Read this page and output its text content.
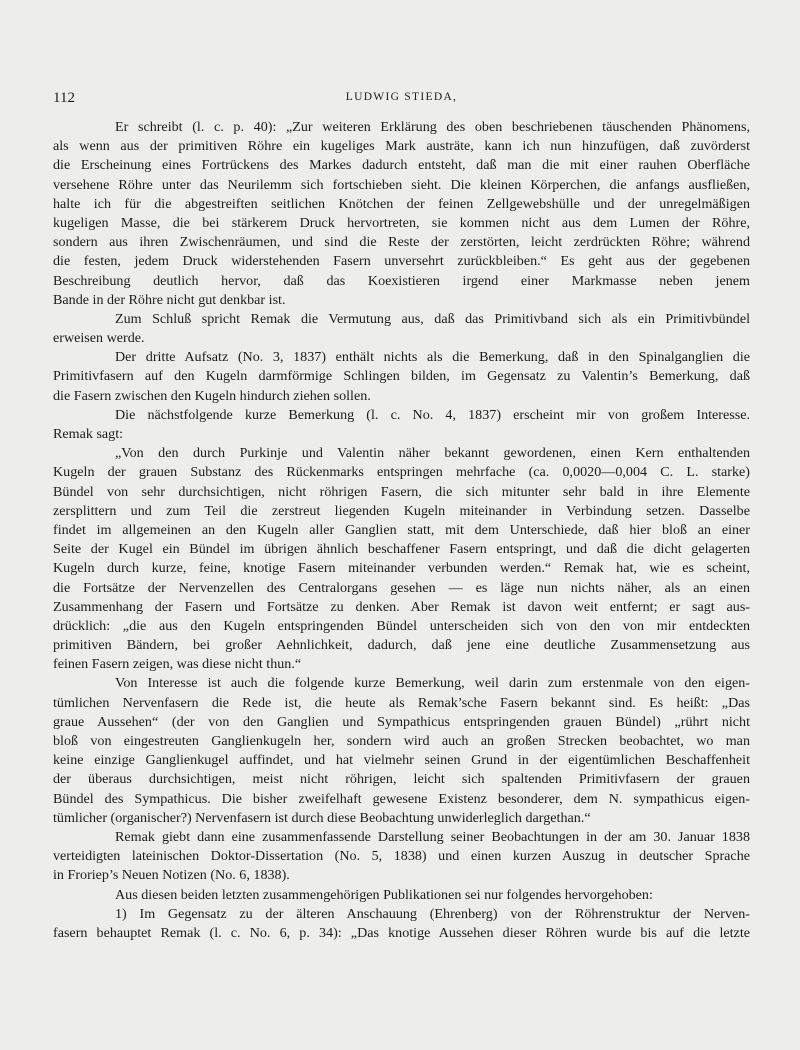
112	LUDWIG STIEDA,
Er schreibt (l. c. p. 40): „Zur weiteren Erklärung des oben beschriebenen täuschenden Phänomens,
als wenn aus der primitiven Röhre ein kugeliges Mark austräte, kann ich nun hinzufügen, daß zuvörderst
die Erscheinung eines Fortrückens des Markes dadurch entsteht, daß man die mit einer rauhen Oberfläche
versehene Röhre unter das Neurilemm sich fortschieben sieht. Die kleinen Körperchen, die anfangs ausfließen,
halte ich für die abgestreiften seitlichen Knötchen der feinen Zellgewebshülle und der unregelmäßigen
kugeligen Masse, die bei stärkerem Druck hervortreten, sie kommen nicht aus dem Lumen der Röhre,
sondern aus ihren Zwischenräumen, und sind die Reste der zerstörten, leicht zerdrückten Röhre; während
die festen, jedem Druck widerstehenden Fasern unversehrt zurückbleiben.“ Es geht aus der gegebenen
Beschreibung deutlich hervor, daß das Koexistieren irgend einer Markmasse neben jenem
Bande in der Röhre nicht gut denkbar ist.
Zum Schluß spricht Remak die Vermutung aus, daß das Primitivband sich als ein Primitivbündel
erweisen werde.
Der dritte Aufsatz (No. 3, 1837) enthält nichts als die Bemerkung, daß in den Spinalganglien die
Primitivfasern auf den Kugeln darmförmige Schlingen bilden, im Gegensatz zu Valentin’s Bemerkung, daß
die Fasern zwischen den Kugeln hindurch ziehen sollen.
Die nächstfolgende kurze Bemerkung (l. c. No. 4, 1837) erscheint mir von großem Interesse.
Remak sagt:
„Von den durch Purkinje und Valentin näher bekannt gewordenen, einen Kern enthaltenden
Kugeln der grauen Substanz des Rückenmarks entspringen mehrfache (ca. 0,0020—0,004 C. L. starke)
Bündel von sehr durchsichtigen, nicht röhrigen Fasern, die sich mitunter sehr bald in ihre Elemente
zersplittern und zum Teil die zerstreut liegenden Kugeln miteinander in Verbindung setzen. Dasselbe
findet im allgemeinen an den Kugeln aller Ganglien statt, mit dem Unterschiede, daß hier bloß an einer
Seite der Kugel ein Bündel im übrigen ähnlich beschaffener Fasern entspringt, und daß die dicht gelagerten
Kugeln durch kurze, feine, knotige Fasern miteinander verbunden werden.“ Remak hat, wie es scheint,
die Fortsätze der Nervenzellen des Centralorgans gesehen — es läge nun nichts näher, als an einen
Zusammenhang der Fasern und Fortsätze zu denken. Aber Remak ist davon weit entfernt; er sagt aus-
drücklich: „die aus den Kugeln entspringenden Bündel unterscheiden sich von den von mir entdeckten
primitiven Bändern, bei großer Aehnlichkeit, dadurch, daß jene eine deutliche Zusammensetzung aus
feinen Fasern zeigen, was diese nicht thun.“
Von Interesse ist auch die folgende kurze Bemerkung, weil darin zum erstenmale von den eigen-
tümlichen Nervenfasern die Rede ist, die heute als Remak’sche Fasern bekannt sind. Es heißt: „Das
graue Aussehen“ (der von den Ganglien und Sympathicus entspringenden grauen Bündel) „rührt nicht
bloß von eingestreuten Ganglienkugeln her, sondern wird auch an großen Strecken beobachtet, wo man
keine einzige Ganglienkugel auffindet, und hat vielmehr seinen Grund in der eigentümlichen Beschaffenheit
der überaus durchsichtigen, meist nicht röhrigen, leicht sich spaltenden Primitivfasern der grauen
Bündel des Sympathicus. Die bisher zweifelhaft gewesene Existenz besonderer, dem N. sympathicus eigen-
tümlicher (organischer?) Nervenfasern ist durch diese Beobachtung unwiderleglich dargethan.“
Remak giebt dann eine zusammenfassende Darstellung seiner Beobachtungen in der am 30. Januar 1838
verteidigten lateinischen Doktor-Dissertation (No. 5, 1838) und einen kurzen Auszug in deutscher Sprache
in Froriep’s Neuen Notizen (No. 6, 1838).
Aus diesen beiden letzten zusammengehörigen Publikationen sei nur folgendes hervorgehoben:
1) Im Gegensatz zu der älteren Anschauung (Ehrenberg) von der Röhrenstruktur der Nerven-
fasern behauptet Remak (l. c. No. 6, p. 34): „Das knotige Aussehen dieser Röhren wurde bis auf die letzte
